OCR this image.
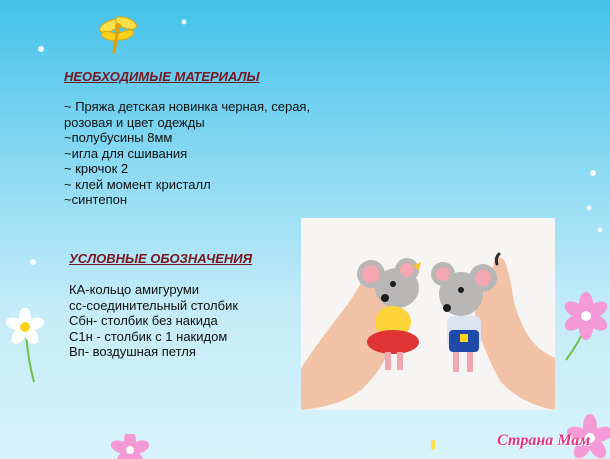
НЕОБХОДИМЫЕ МАТЕРИАЛЫ

~ Пряжа детская новинка черная, серая,
розовая и цвет одежды
~полубусины 8мм
~игла для сшивания
~ крючок 2
~ клей момент кристалл
~синтепон

УСЛОВНЫЕ ОБОЗНАЧЕНИЯ

КА-кольцо амигуруми
сс-соединительный столбик
Сбн- столбик без накида
С1н - столбик с 1 накидом
Вп- воздушная петля

Страна Мам
